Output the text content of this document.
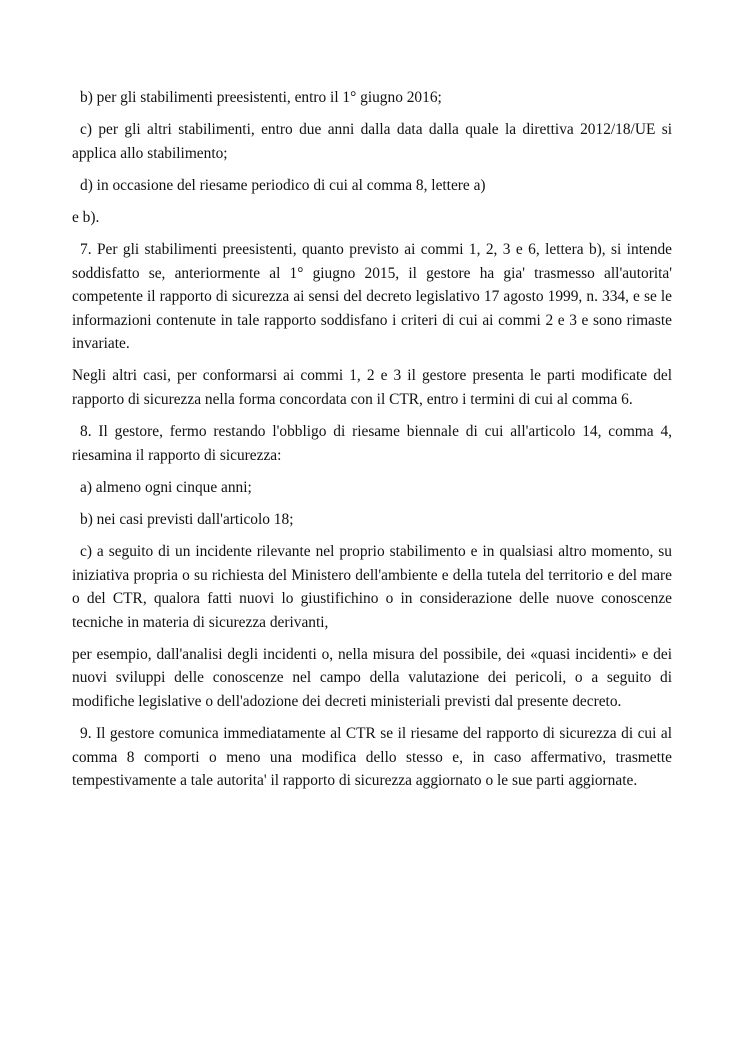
b) per gli stabilimenti preesistenti, entro il 1° giugno 2016;

c) per gli altri stabilimenti, entro due anni dalla data dalla quale la direttiva 2012/18/UE si applica allo stabilimento;

d) in occasione del riesame periodico di cui al comma 8, lettere a)

e b).

7. Per gli stabilimenti preesistenti, quanto previsto ai commi 1, 2, 3 e 6, lettera b), si intende soddisfatto se, anteriormente al 1° giugno 2015, il gestore ha gia' trasmesso all'autorita' competente il rapporto di sicurezza ai sensi del decreto legislativo 17 agosto 1999, n. 334, e se le informazioni contenute in tale rapporto soddisfano i criteri di cui ai commi 2 e 3 e sono rimaste invariate.

Negli altri casi, per conformarsi ai commi 1, 2 e 3 il gestore presenta le parti modificate del rapporto di sicurezza nella forma concordata con il CTR, entro i termini di cui al comma 6.

8. Il gestore, fermo restando l'obbligo di riesame biennale di cui all'articolo 14, comma 4, riesamina il rapporto di sicurezza:

a) almeno ogni cinque anni;

b) nei casi previsti dall'articolo 18;

c) a seguito di un incidente rilevante nel proprio stabilimento e in qualsiasi altro momento, su iniziativa propria o su richiesta del Ministero dell'ambiente e della tutela del territorio e del mare o del CTR, qualora fatti nuovi lo giustifichino o in considerazione delle nuove conoscenze tecniche in materia di sicurezza derivanti,

per esempio, dall'analisi degli incidenti o, nella misura del possibile, dei «quasi incidenti» e dei nuovi sviluppi delle conoscenze nel campo della valutazione dei pericoli, o a seguito di modifiche legislative o dell'adozione dei decreti ministeriali previsti dal presente decreto.

9. Il gestore comunica immediatamente al CTR se il riesame del rapporto di sicurezza di cui al comma 8 comporti o meno una modifica dello stesso e, in caso affermativo, trasmette tempestivamente a tale autorita' il rapporto di sicurezza aggiornato o le sue parti aggiornate.
